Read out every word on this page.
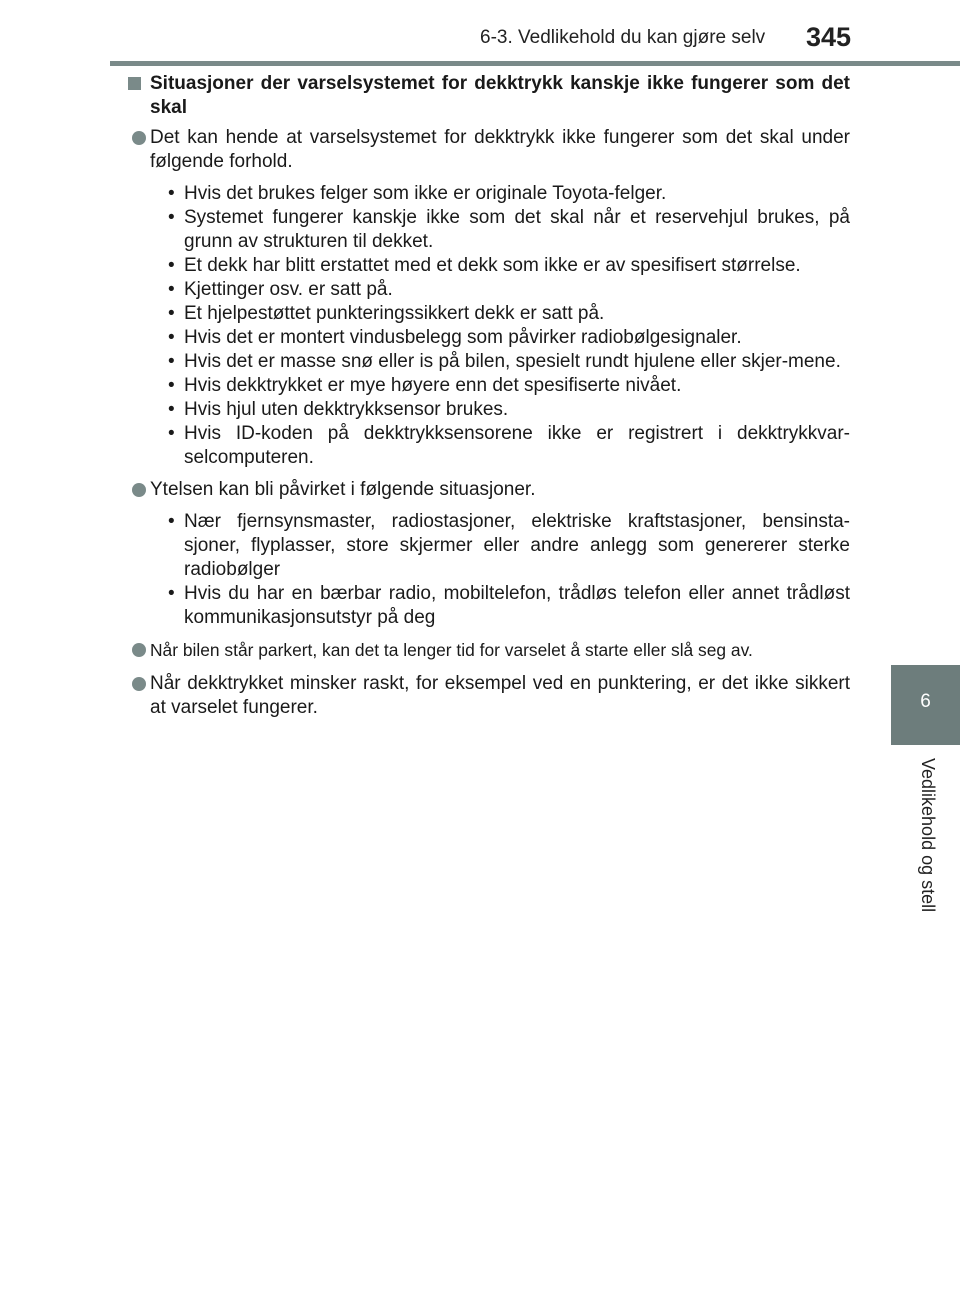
6-3. Vedlikehold du kan gjøre selv	345
6
Vedlikehold og stell
Situasjoner der varselsystemet for dekktrykk kanskje ikke fungerer som det skal
Det kan hende at varselsystemet for dekktrykk ikke fungerer som det skal under følgende forhold.
• Hvis det brukes felger som ikke er originale Toyota-felger.
• Systemet fungerer kanskje ikke som det skal når et reservehjul brukes, på grunn av strukturen til dekket.
• Et dekk har blitt erstattet med et dekk som ikke er av spesifisert størrelse.
• Kjettinger osv. er satt på.
• Et hjelpestøttet punkteringssikkert dekk er satt på.
• Hvis det er montert vindusbelegg som påvirker radiobølgesignaler.
• Hvis det er masse snø eller is på bilen, spesielt rundt hjulene eller skjer-mene.
• Hvis dekktrykket er mye høyere enn det spesifiserte nivået.
• Hvis hjul uten dekktrykksensor brukes.
• Hvis ID-koden på dekktrykksensorene ikke er registrert i dekktrykkvar-selcomputeren.
Ytelsen kan bli påvirket i følgende situasjoner.
• Nær fjernsynsmaster, radiostasjoner, elektriske kraftstasjoner, bensinsta-sjoner, flyplasser, store skjermer eller andre anlegg som genererer sterke radiobølger
• Hvis du har en bærbar radio, mobiltelefon, trådløs telefon eller annet trådløst kommunikasjonsutstyr på deg
Når bilen står parkert, kan det ta lenger tid for varselet å starte eller slå seg av.
Når dekktrykket minsker raskt, for eksempel ved en punktering, er det ikke sikkert at varselet fungerer.
